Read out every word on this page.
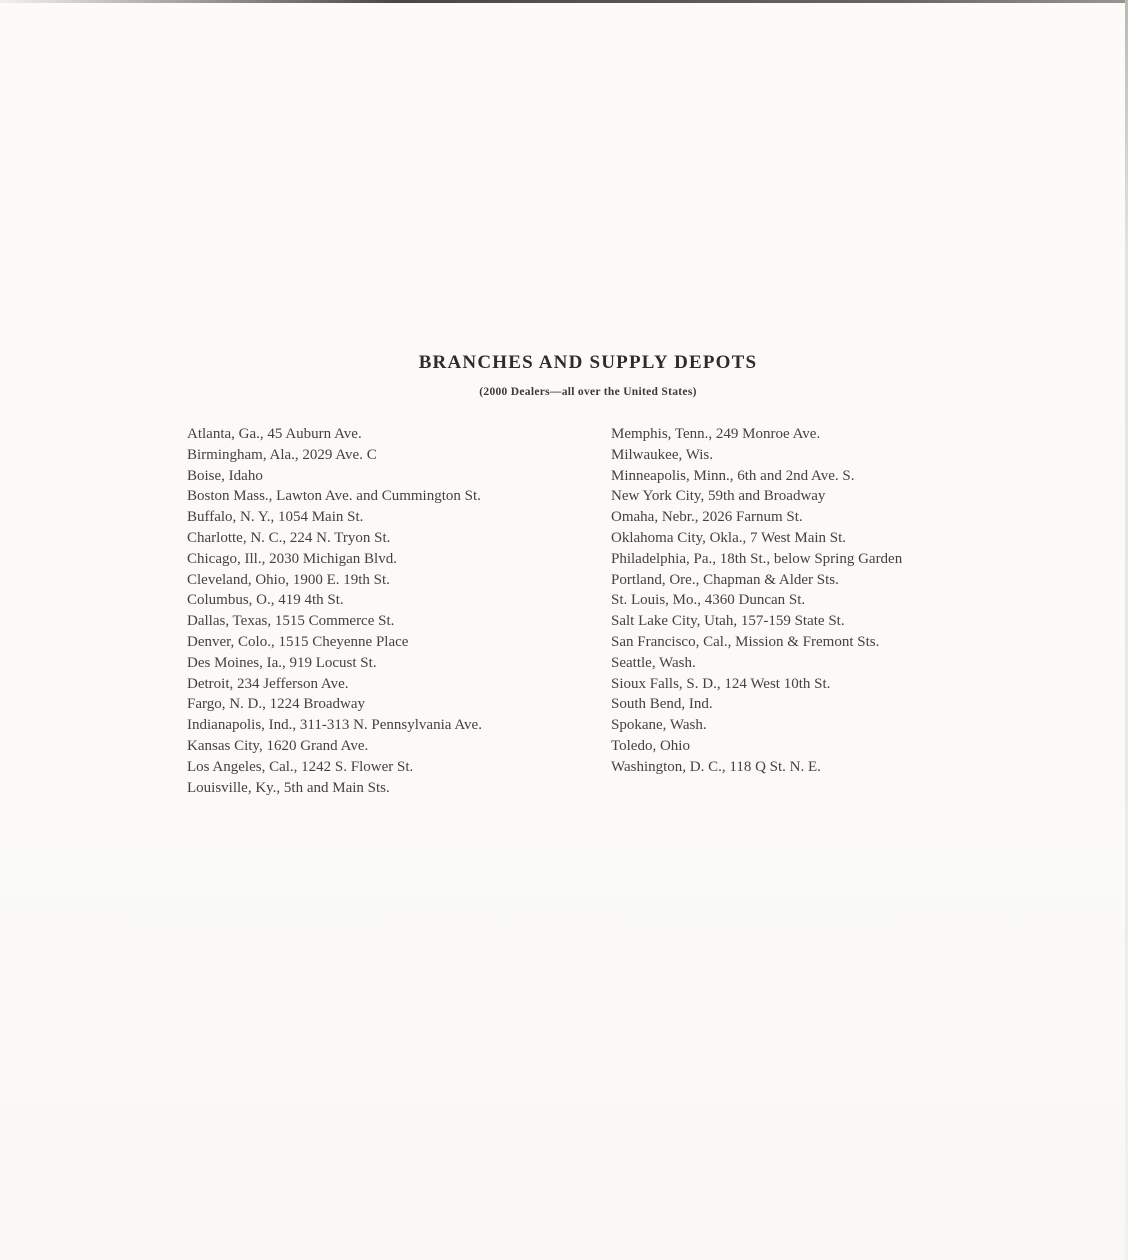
BRANCHES AND SUPPLY DEPOTS
(2000 Dealers—all over the United States)
Atlanta, Ga., 45 Auburn Ave.
Birmingham, Ala., 2029 Ave. C
Boise, Idaho
Boston Mass., Lawton Ave. and Cummington St.
Buffalo, N. Y., 1054 Main St.
Charlotte, N. C., 224 N. Tryon St.
Chicago, Ill., 2030 Michigan Blvd.
Cleveland, Ohio, 1900 E. 19th St.
Columbus, O., 419 4th St.
Dallas, Texas, 1515 Commerce St.
Denver, Colo., 1515 Cheyenne Place
Des Moines, Ia., 919 Locust St.
Detroit, 234 Jefferson Ave.
Fargo, N. D., 1224 Broadway
Indianapolis, Ind., 311-313 N. Pennsylvania Ave.
Kansas City, 1620 Grand Ave.
Los Angeles, Cal., 1242 S. Flower St.
Louisville, Ky., 5th and Main Sts.
Memphis, Tenn., 249 Monroe Ave.
Milwaukee, Wis.
Minneapolis, Minn., 6th and 2nd Ave. S.
New York City, 59th and Broadway
Omaha, Nebr., 2026 Farnum St.
Oklahoma City, Okla., 7 West Main St.
Philadelphia, Pa., 18th St., below Spring Garden
Portland, Ore., Chapman & Alder Sts.
St. Louis, Mo., 4360 Duncan St.
Salt Lake City, Utah, 157-159 State St.
San Francisco, Cal., Mission & Fremont Sts.
Seattle, Wash.
Sioux Falls, S. D., 124 West 10th St.
South Bend, Ind.
Spokane, Wash.
Toledo, Ohio
Washington, D. C., 118 Q St. N. E.
